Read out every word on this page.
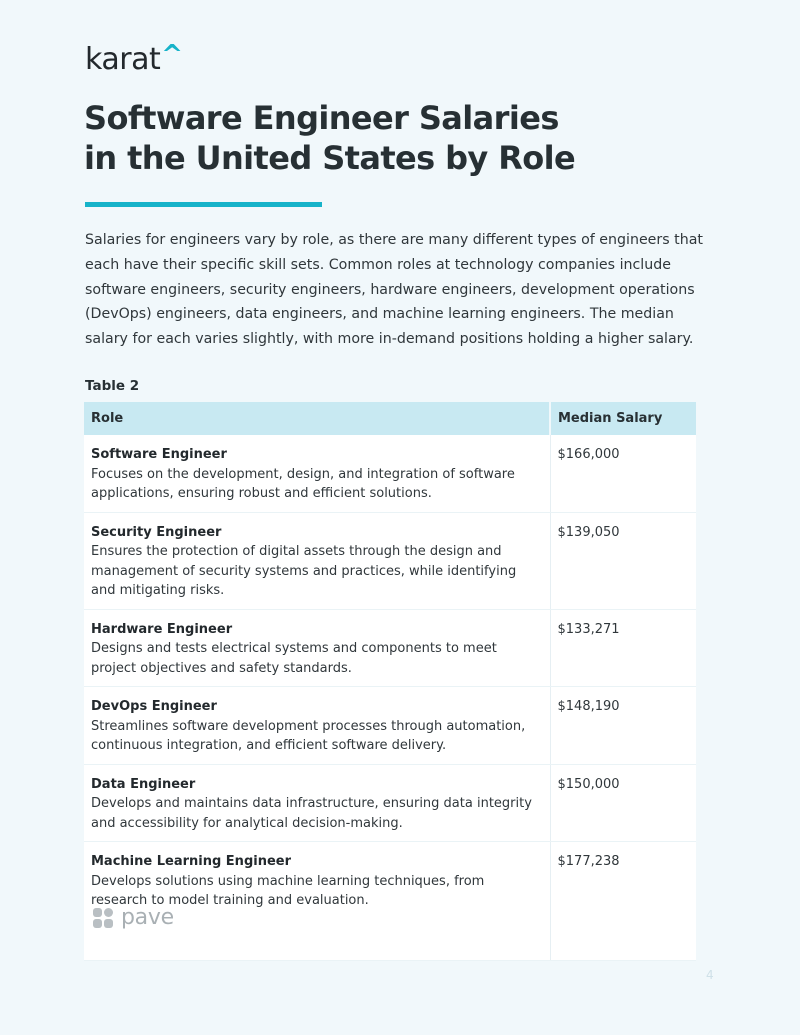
karat^
Software Engineer Salaries
in the United States by Role

Salaries for engineers vary by role, as there are many different types of engineers that each have their specific skill sets. Common roles at technology companies include software engineers, security engineers, hardware engineers, development operations (DevOps) engineers, data engineers, and machine learning engineers. The median salary for each varies slightly, with more in-demand positions holding a higher salary.

Table 2
Role	Median Salary

Software Engineer
Focuses on the development, design, and integration of software applications, ensuring robust and efficient solutions.	$166,000

Security Engineer
Ensures the protection of digital assets through the design and management of security systems and practices, while identifying and mitigating risks.	$139,050

Hardware Engineer
Designs and tests electrical systems and components to meet project objectives and safety standards.	$133,271

DevOps Engineer
Streamlines software development processes through automation, continuous integration, and efficient software delivery.	$148,190

Data Engineer
Develops and maintains data infrastructure, ensuring data integrity and accessibility for analytical decision-making.	$150,000

Machine Learning Engineer
Develops solutions using machine learning techniques, from research to model training and evaluation.	$177,238
pave
4
